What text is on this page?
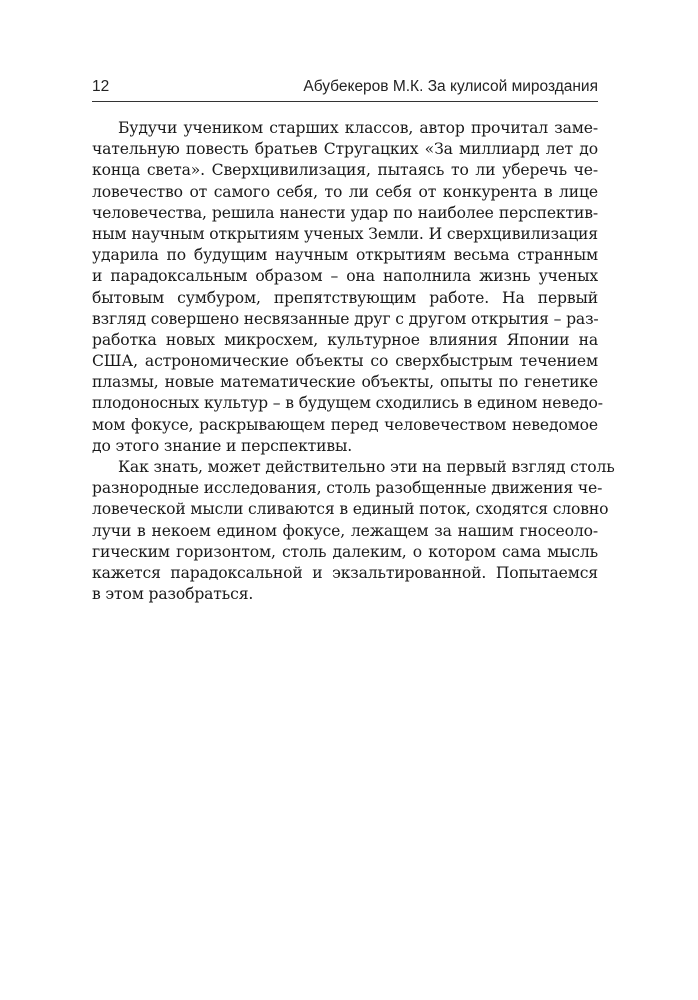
12	Абубекеров М.К. За кулисой мироздания
Будучи учеником старших классов, автор прочитал заме-
чательную повесть братьев Стругацких «За миллиард лет до
конца света». Сверхцивилизация, пытаясь то ли уберечь че-
ловечество от самого себя, то ли себя от конкурента в лице
человечества, решила нанести удар по наиболее перспектив-
ным научным открытиям ученых Земли. И сверхцивилизация
ударила по будущим научным открытиям весьма странным
и парадоксальным образом – она наполнила жизнь ученых
бытовым сумбуром, препятствующим работе. На первый
взгляд совершено несвязанные друг с другом открытия – раз-
работка новых микросхем, культурное влияния Японии на
США, астрономические объекты со сверхбыстрым течением
плазмы, новые математические объекты, опыты по генетике
плодоносных культур – в будущем сходились в едином неведо-
мом фокусе, раскрывающем перед человечеством неведомое
до этого знание и перспективы.
Как знать, может действительно эти на первый взгляд столь
разнородные исследования, столь разобщенные движения че-
ловеческой мысли сливаются в единый поток, сходятся словно
лучи в некоем едином фокусе, лежащем за нашим гносеоло-
гическим горизонтом, столь далеким, о котором сама мысль
кажется парадоксальной и экзальтированной. Попытаемся
в этом разобраться.
